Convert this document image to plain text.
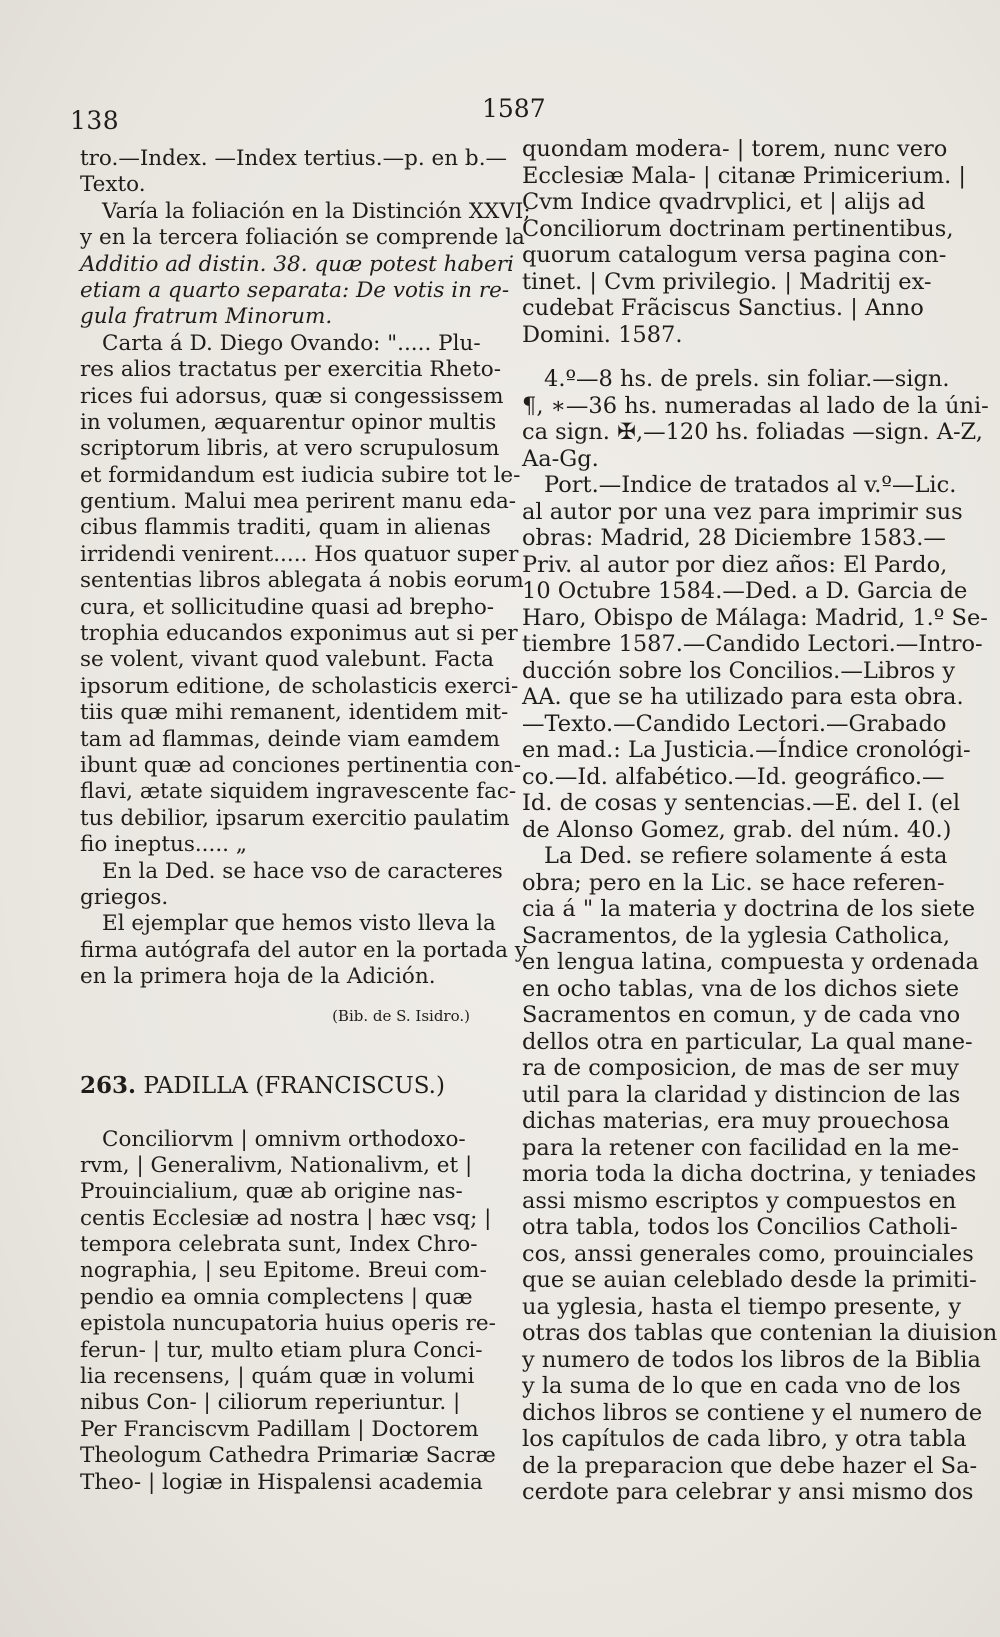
138	1587
tro.—Index. —Index tertius.—p. en b.—
Texto.
Varía la foliación en la Distinción XXVI;
y en la tercera foliación se comprende la
Additio ad distin. 38. quæ potest haberi
etiam a quarto separata: De votis in re-
gula fratrum Minorum.
Carta á D. Diego Ovando: "..... Plu-
res alios tractatus per exercitia Rheto-
rices fui adorsus, quæ si congessissem
in volumen, æquarentur opinor multis
scriptorum libris, at vero scrupulosum
et formidandum est iudicia subire tot le-
gentium. Malui mea perirent manu eda-
cibus flammis traditi, quam in alienas
irridendi venirent..... Hos quatuor super
sententias libros ablegata á nobis eorum
cura, et sollicitudine quasi ad brepho-
trophia educandos exponimus aut si per
se volent, vivant quod valebunt. Facta
ipsorum editione, de scholasticis exerci-
tiis quæ mihi remanent, identidem mit-
tam ad flammas, deinde viam eamdem
ibunt quæ ad conciones pertinentia con-
flavi, ætate siquidem ingravescente fac-
tus debilior, ipsarum exercitio paulatim
fio ineptus..... „
En la Ded. se hace vso de caracteres
griegos.
El ejemplar que hemos visto lleva la
firma autógrafa del autor en la portada y
en la primera hoja de la Adición.
(Bib. de S. Isidro.)
263. PADILLA (FRANCISCUS.)
Conciliorvm | omnivm orthodoxo-
rvm, | Generalivm, Nationalivm, et |
Prouincialium, quæ ab origine nas-
centis Ecclesiæ ad nostra | hæc vsq; |
tempora celebrata sunt, Index Chro-
nographia, | seu Epitome. Breui com-
pendio ea omnia complectens | quæ
epistola nuncupatoria huius operis re-
ferun- | tur, multo etiam plura Conci-
lia recensens, | quám quæ in volumi
nibus Con- | ciliorum reperiuntur. |
Per Franciscvm Padillam | Doctorem
Theologum Cathedra Primariæ Sacræ
Theo- | logiæ in Hispalensi academia
quondam modera- | torem, nunc vero
Ecclesiæ Mala- | citanæ Primicerium. |
Cvm Indice qvadrvplici, et | alijs ad
Conciliorum doctrinam pertinentibus,
quorum catalogum versa pagina con-
tinet. | Cvm privilegio. | Madritij ex-
cudebat Frãciscus Sanctius. | Anno
Domini. 1587.
4.º—8 hs. de prels. sin foliar.—sign.
¶, ∗—36 hs. numeradas al lado de la úni-
ca sign. ✠,—120 hs. foliadas —sign. A-Z,
Aa-Gg.
Port.—Indice de tratados al v.º—Lic.
al autor por una vez para imprimir sus
obras: Madrid, 28 Diciembre 1583.—
Priv. al autor por diez años: El Pardo,
10 Octubre 1584.—Ded. a D. Garcia de
Haro, Obispo de Málaga: Madrid, 1.º Se-
tiembre 1587.—Candido Lectori.—Intro-
ducción sobre los Concilios.—Libros y
AA. que se ha utilizado para esta obra.
—Texto.—Candido Lectori.—Grabado
en mad.: La Justicia.—Índice cronológi-
co.—Id. alfabético.—Id. geográfico.—
Id. de cosas y sentencias.—E. del I. (el
de Alonso Gomez, grab. del núm. 40.)
La Ded. se refiere solamente á esta
obra; pero en la Lic. se hace referen-
cia á " la materia y doctrina de los siete
Sacramentos, de la yglesia Catholica,
en lengua latina, compuesta y ordenada
en ocho tablas, vna de los dichos siete
Sacramentos en comun, y de cada vno
dellos otra en particular, La qual mane-
ra de composicion, de mas de ser muy
util para la claridad y distincion de las
dichas materias, era muy prouechosa
para la retener con facilidad en la me-
moria toda la dicha doctrina, y teniades
assi mismo escriptos y compuestos en
otra tabla, todos los Concilios Catholi-
cos, anssi generales como, prouinciales
que se auian celeblado desde la primiti-
ua yglesia, hasta el tiempo presente, y
otras dos tablas que contenian la diuision
y numero de todos los libros de la Biblia
y la suma de lo que en cada vno de los
dichos libros se contiene y el numero de
los capítulos de cada libro, y otra tabla
de la preparacion que debe hazer el Sa-
cerdote para celebrar y ansi mismo dos
